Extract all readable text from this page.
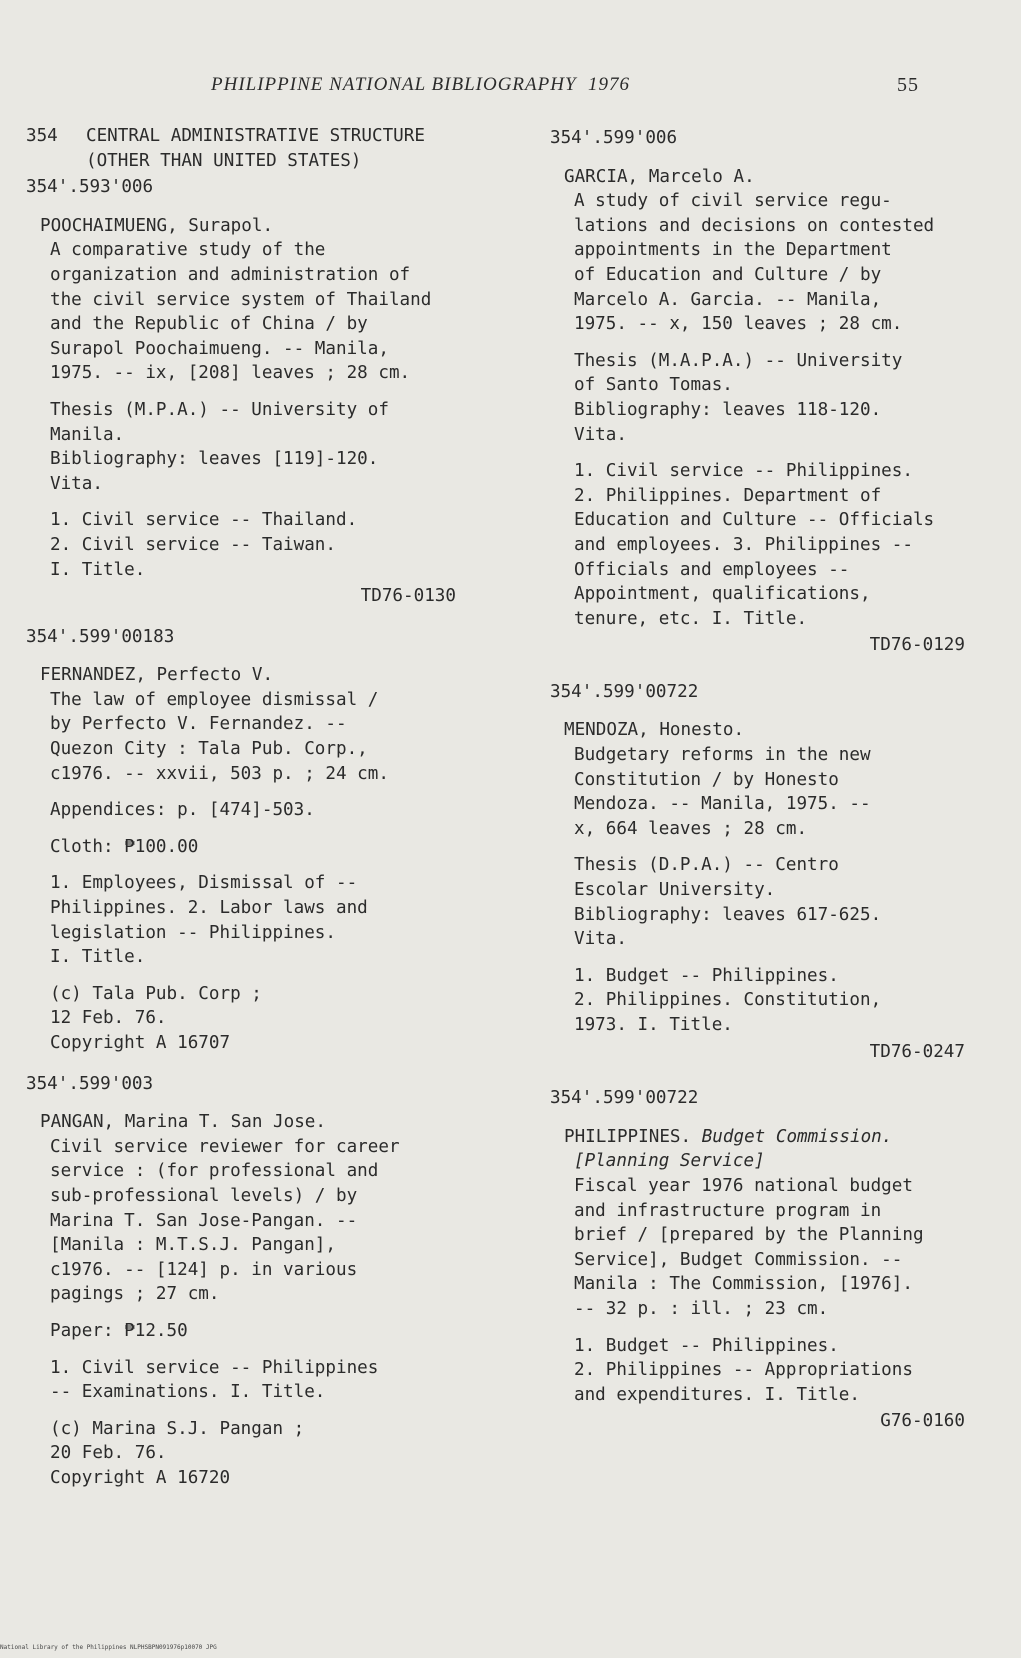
PHILIPPINE NATIONAL BIBLIOGRAPHY 1976	55
354	CENTRAL ADMINISTRATIVE STRUCTURE
(OTHER THAN UNITED STATES)
354'.593'006
POOCHAIMUENG, Surapol.
A comparative study of the
organization and administration of
the civil service system of Thailand
and the Republic of China / by
Surapol Poochaimueng. -- Manila,
1975. -- ix, [208] leaves ; 28 cm.
Thesis (M.P.A.) -- University of
Manila.
Bibliography: leaves [119]-120.
Vita.
1. Civil service -- Thailand.
2. Civil service -- Taiwan.
I. Title.
TD76-0130
354'.599'00183
FERNANDEZ, Perfecto V.
The law of employee dismissal /
by Perfecto V. Fernandez. --
Quezon City : Tala Pub. Corp.,
c1976. -- xxvii, 503 p. ; 24 cm.
Appendices: p. [474]-503.
Cloth: ₱100.00
1. Employees, Dismissal of --
Philippines. 2. Labor laws and
legislation -- Philippines.
I. Title.
(c) Tala Pub. Corp ;
12 Feb. 76.
Copyright A 16707
354'.599'003
PANGAN, Marina T. San Jose.
Civil service reviewer for career
service : (for professional and
sub-professional levels) / by
Marina T. San Jose-Pangan. --
[Manila : M.T.S.J. Pangan],
c1976. -- [124] p. in various
pagings ; 27 cm.
Paper: ₱12.50
1. Civil service -- Philippines
-- Examinations. I. Title.
(c) Marina S.J. Pangan ;
20 Feb. 76.
Copyright A 16720
354'.599'006
GARCIA, Marcelo A.
A study of civil service regu-
lations and decisions on contested
appointments in the Department
of Education and Culture / by
Marcelo A. Garcia. -- Manila,
1975. -- x, 150 leaves ; 28 cm.
Thesis (M.A.P.A.) -- University
of Santo Tomas.
Bibliography: leaves 118-120.
Vita.
1. Civil service -- Philippines.
2. Philippines. Department of
Education and Culture -- Officials
and employees. 3. Philippines --
Officials and employees --
Appointment, qualifications,
tenure, etc. I. Title.
TD76-0129
354'.599'00722
MENDOZA, Honesto.
Budgetary reforms in the new
Constitution / by Honesto
Mendoza. -- Manila, 1975. --
x, 664 leaves ; 28 cm.
Thesis (D.P.A.) -- Centro
Escolar University.
Bibliography: leaves 617-625.
Vita.
1. Budget -- Philippines.
2. Philippines. Constitution,
1973. I. Title.
TD76-0247
354'.599'00722
PHILIPPINES. Budget Commission.
[Planning Service]
Fiscal year 1976 national budget
and infrastructure program in
brief / [prepared by the Planning
Service], Budget Commission. --
Manila : The Commission, [1976].
-- 32 p. : ill. ; 23 cm.
1. Budget -- Philippines.
2. Philippines -- Appropriations
and expenditures. I. Title.
G76-0160
National Library of the Philippines NLPHSBPN091976p10070 JPG
